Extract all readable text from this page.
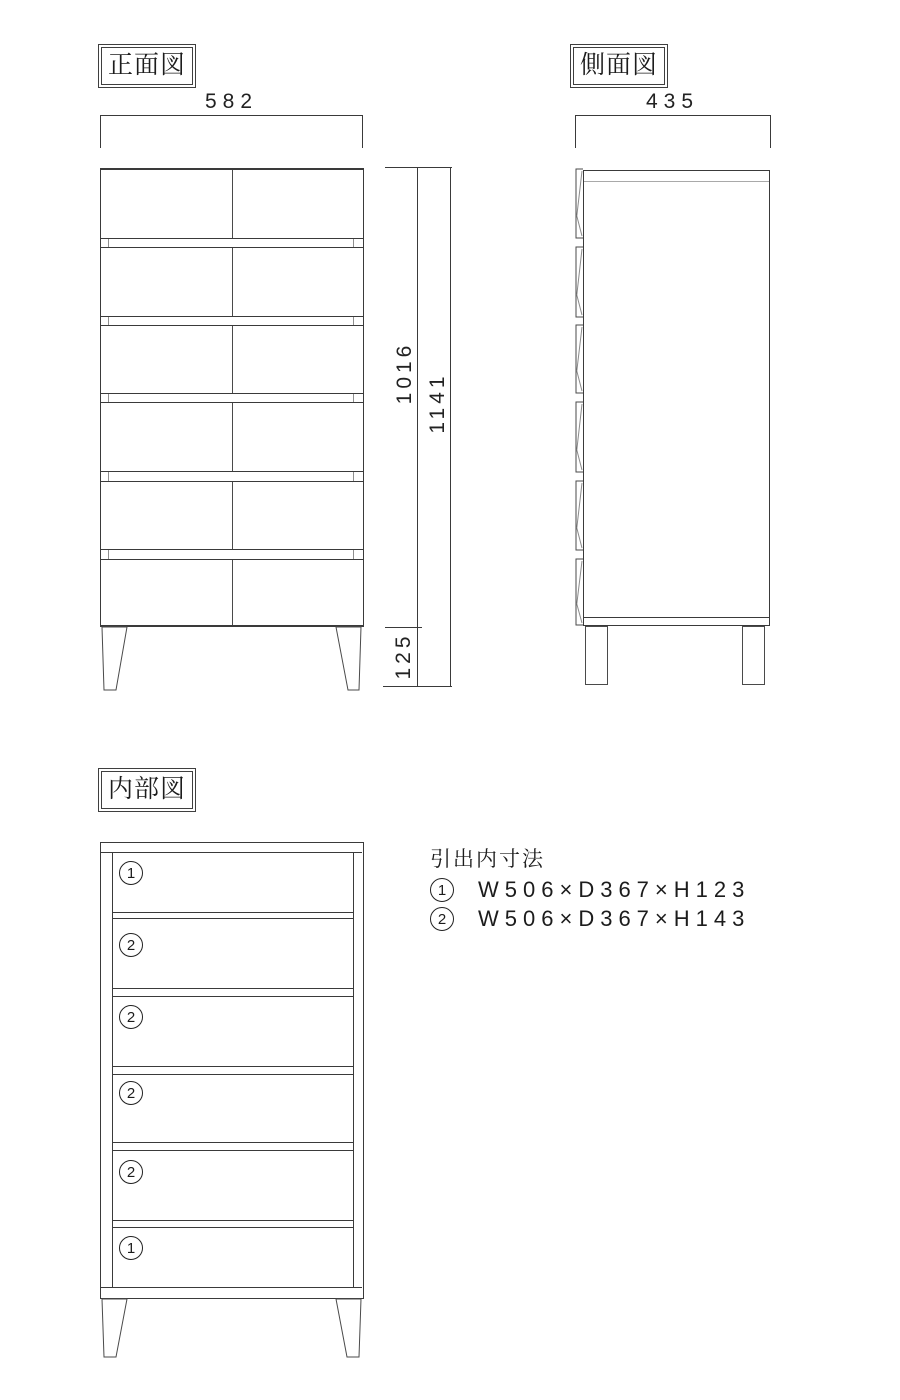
正面図
582
1016 1141
125
側面図
435
内部図
1
2
2
2
2
1
引出内寸法
1	W506×D367×H123
2	W506×D367×H143
